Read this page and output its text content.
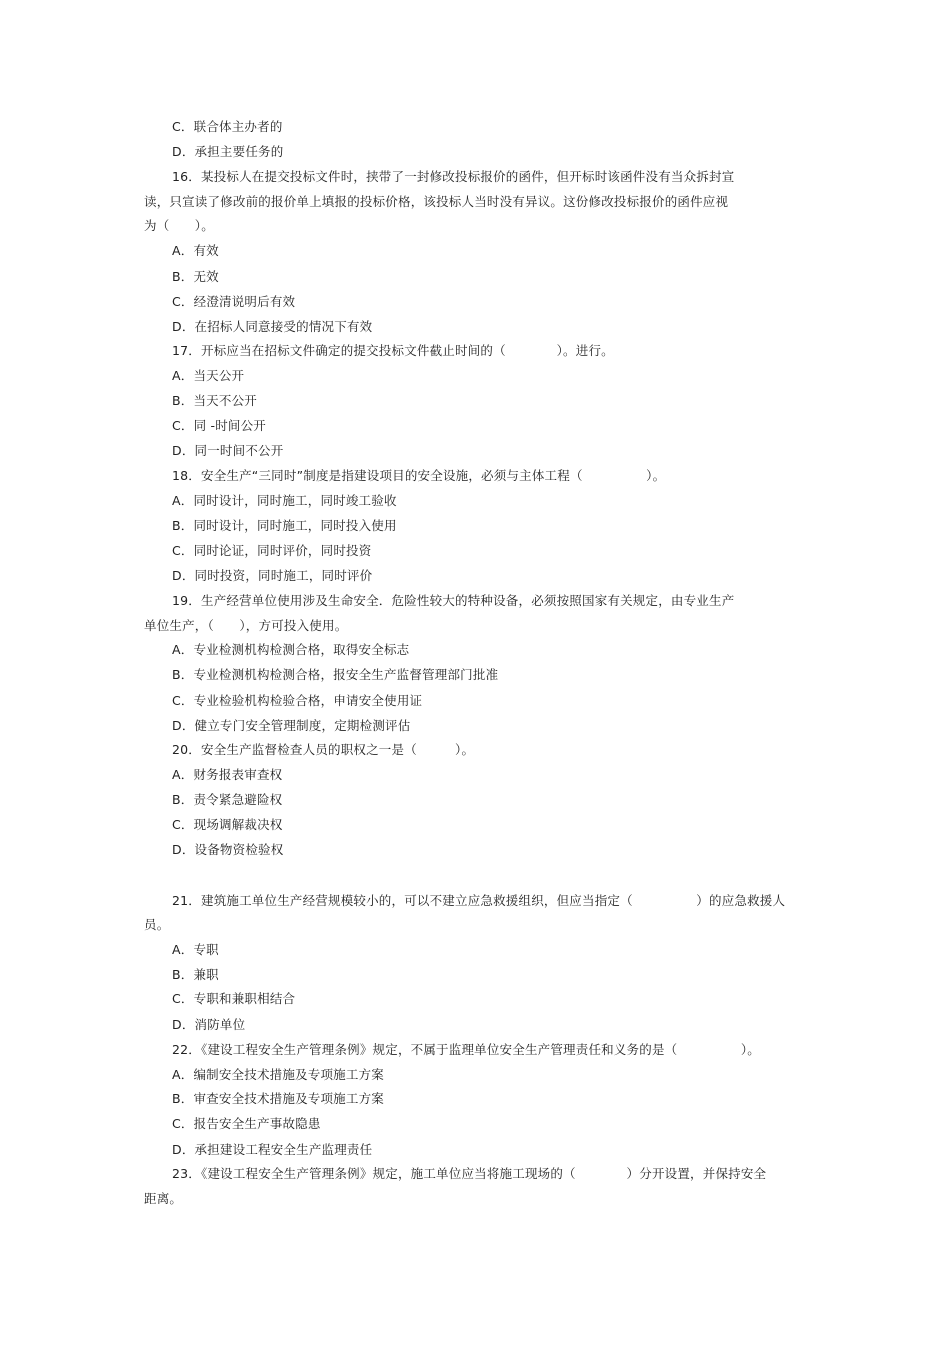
C．联合体主办者的
D．承担主要任务的
16．某投标人在提交投标文件时，挟带了一封修改投标报价的函件，但开标时该函件没有当众拆封宣
读，只宣读了修改前的报价单上填报的投标价格，该投标人当时没有异议。这份修改投标报价的函件应视
为（　　）。
A．有效
B．无效
C．经澄清说明后有效
D．在招标人同意接受的情况下有效
17．开标应当在招标文件确定的提交投标文件截止时间的（　　　　）。进行。
A．当天公开
B．当天不公开
C．同 -时间公开
D．同一时间不公开
18．安全生产“三同时”制度是指建设项目的安全设施，必须与主体工程（　　　　　）。
A．同时设计，同时施工，同时竣工验收
B．同时设计，同时施工，同时投入使用
C．同时论证，同时评价，同时投资
D．同时投资，同时施工，同时评价
19．生产经营单位使用涉及生命安全．危险性较大的特种设备，必须按照国家有关规定，由专业生产
单位生产，（　　），方可投入使用。
A．专业检测机构检测合格，取得安全标志
B．专业检测机构检测合格，报安全生产监督管理部门批准
C．专业检验机构检验合格，申请安全使用证
D．健立专门安全管理制度，定期检测评估
20．安全生产监督检查人员的职权之一是（　　　）。
A．财务报表审查权
B．责令紧急避险权
C．现场调解裁决权
D．设备物资检验权
21．建筑施工单位生产经营规模较小的，可以不建立应急救援组织，但应当指定（　　　　　）的应急救援人
员。
A．专职
B．兼职
C．专职和兼职相结合
D．消防单位
22．《建设工程安全生产管理条例》规定，不属于监理单位安全生产管理责任和义务的是（　　　　　）。
A．编制安全技术措施及专项施工方案
B．审查安全技术措施及专项施工方案
C．报告安全生产事故隐患
D．承担建设工程安全生产监理责任
23．《建设工程安全生产管理条例》规定，施工单位应当将施工现场的（　　　　）分开设置，并保持安全
距离。
